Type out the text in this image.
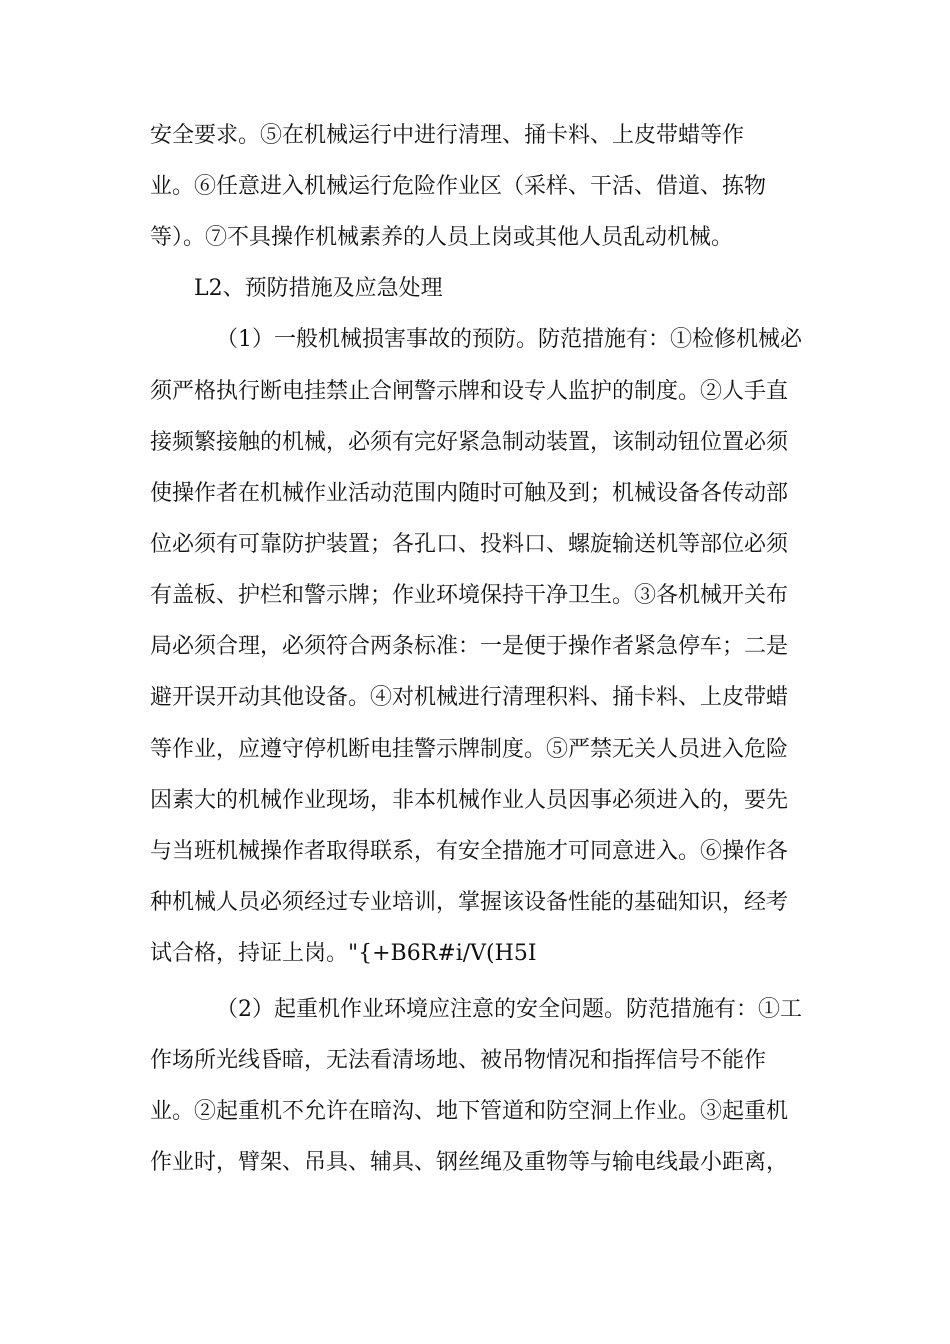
安全要求。⑤在机械运行中进行清理、捅卡料、上皮带蜡等作
业。⑥任意进入机械运行危险作业区（采样、干活、借道、拣物
等）。⑦不具操作机械素养的人员上岗或其他人员乱动机械。
L2、预防措施及应急处理
（1）一般机械损害事故的预防。防范措施有：①检修机械必
须严格执行断电挂禁止合闸警示牌和设专人监护的制度。②人手直
接频繁接触的机械，必须有完好紧急制动装置，该制动钮位置必须
使操作者在机械作业活动范围内随时可触及到；机械设备各传动部
位必须有可靠防护装置；各孔口、投料口、螺旋输送机等部位必须
有盖板、护栏和警示牌；作业环境保持干净卫生。③各机械开关布
局必须合理，必须符合两条标准：一是便于操作者紧急停车；二是
避开误开动其他设备。④对机械进行清理积料、捅卡料、上皮带蜡
等作业，应遵守停机断电挂警示牌制度。⑤严禁无关人员进入危险
因素大的机械作业现场，非本机械作业人员因事必须进入的，要先
与当班机械操作者取得联系，有安全措施才可同意进入。⑥操作各
种机械人员必须经过专业培训，掌握该设备性能的基础知识，经考
试合格，持证上岗。"{+B6R#i/V(H5I
（2）起重机作业环境应注意的安全问题。防范措施有：①工
作场所光线昏暗，无法看清场地、被吊物情况和指挥信号不能作
业。②起重机不允许在暗沟、地下管道和防空洞上作业。③起重机
作业时，臂架、吊具、辅具、钢丝绳及重物等与输电线最小距离，
